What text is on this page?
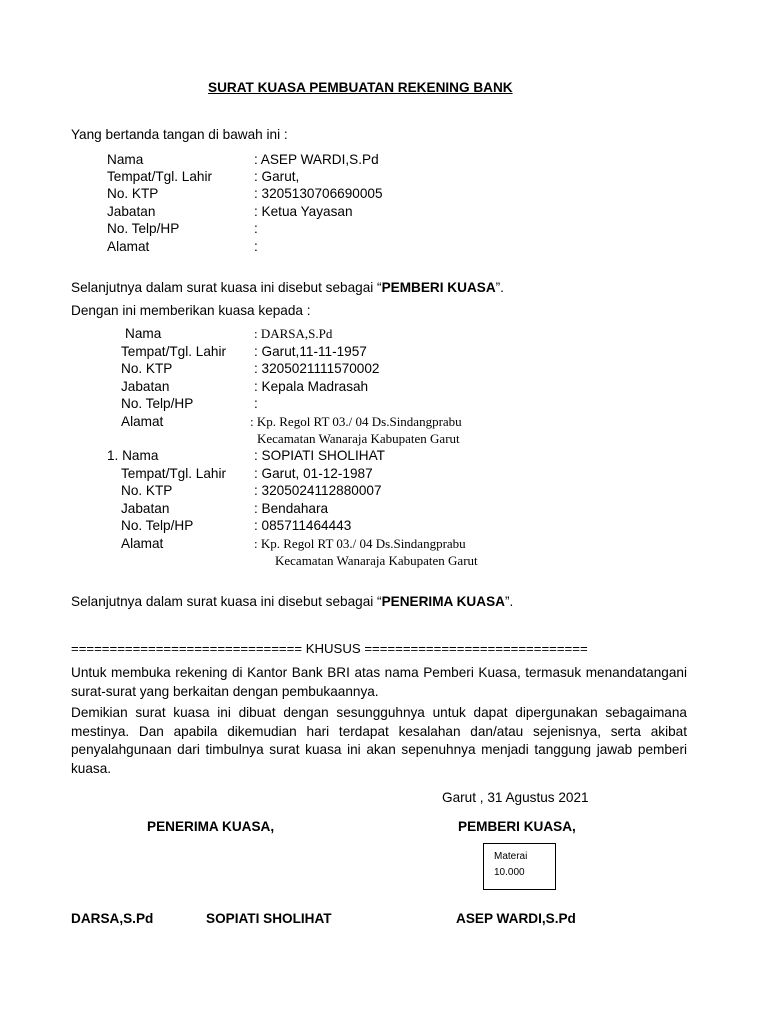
SURAT KUASA PEMBUATAN REKENING BANK
Yang bertanda tangan di bawah ini :
Nama	: ASEP WARDI,S.Pd
Tempat/Tgl. Lahir	: Garut,
No. KTP	: 3205130706690005
Jabatan	: Ketua Yayasan
No. Telp/HP	:
Alamat	:
Selanjutnya dalam surat kuasa ini disebut sebagai “PEMBERI KUASA”.
Dengan ini memberikan kuasa kepada :
Nama	: DARSA,S.Pd
Tempat/Tgl. Lahir : Garut,11-11-1957
No. KTP	: 3205021111570002
Jabatan	: Kepala Madrasah
No. Telp/HP	:
Alamat	: Kp. Regol RT 03./ 04 Ds.Sindangprabu
Kecamatan Wanaraja Kabupaten Garut
1. Nama	: SOPIATI SHOLIHAT
Tempat/Tgl. Lahir : Garut, 01-12-1987
No. KTP	: 3205024112880007
Jabatan	: Bendahara
No. Telp/HP	: 085711464443
Alamat	: Kp. Regol RT 03./ 04 Ds.Sindangprabu
Kecamatan Wanaraja Kabupaten Garut
Selanjutnya dalam surat kuasa ini disebut sebagai “PENERIMA KUASA”.
============================== KHUSUS =============================
Untuk membuka rekening di Kantor Bank BRI atas nama Pemberi Kuasa, termasuk menandatangani surat-surat yang berkaitan dengan pembukaannya.
Demikian surat kuasa ini dibuat dengan sesungguhnya untuk dapat dipergunakan sebagaimana mestinya. Dan apabila dikemudian hari terdapat kesalahan dan/atau sejenisnya, serta akibat penyalahgunaan dari timbulnya surat kuasa ini akan sepenuhnya menjadi tanggung jawab pemberi kuasa.
Garut , 31 Agustus 2021
PENERIMA KUASA,	PEMBERI KUASA,
Materai
10.000
DARSA,S.Pd	SOPIATI SHOLIHAT	ASEP WARDI,S.Pd
